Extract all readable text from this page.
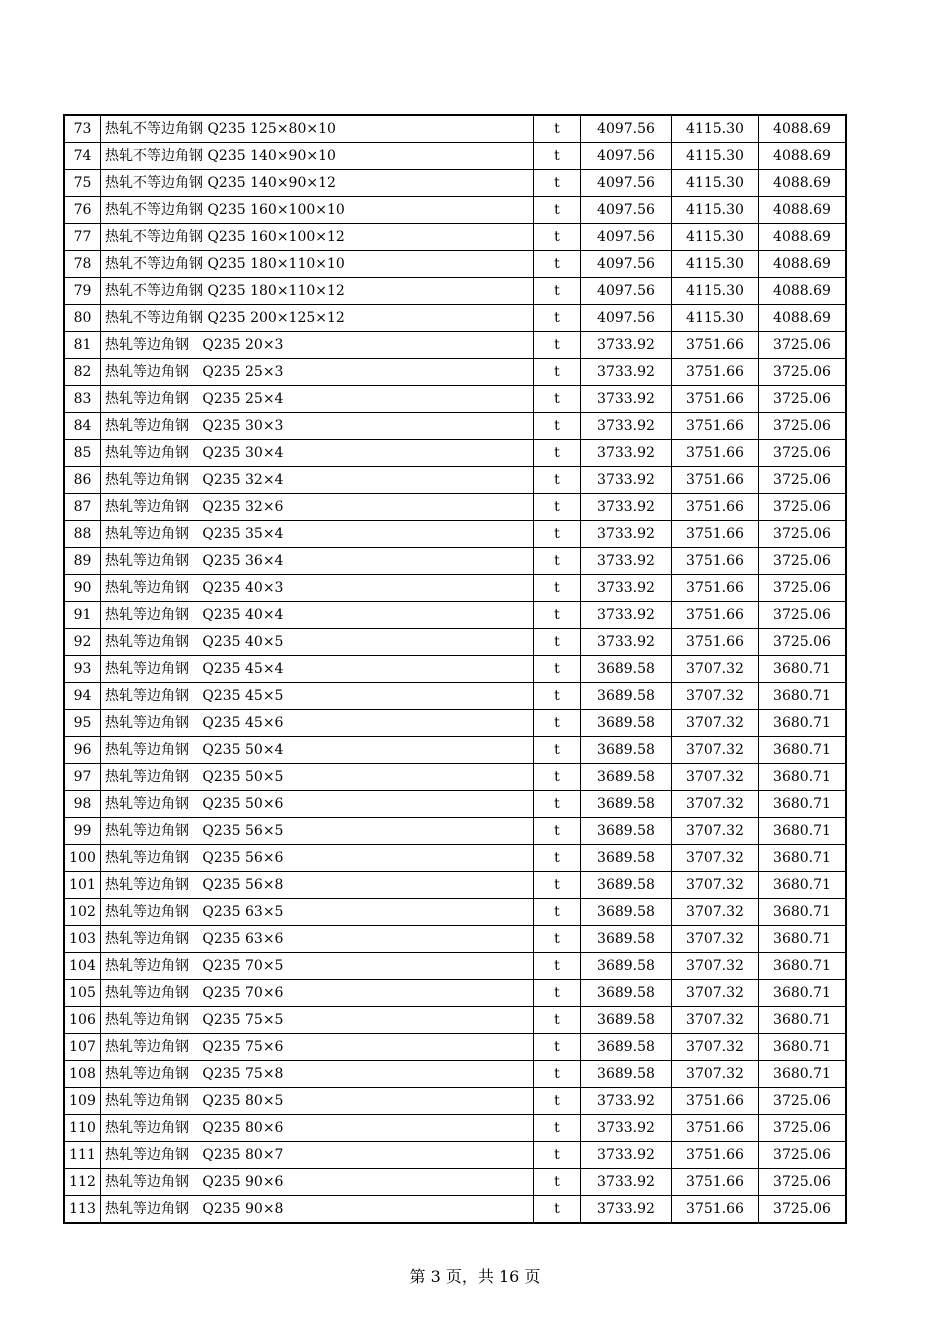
73	热轧不等边角钢 Q235 125×80×10	t	4097.56	4115.30	4088.69
74	热轧不等边角钢 Q235 140×90×10	t	4097.56	4115.30	4088.69
75	热轧不等边角钢 Q235 140×90×12	t	4097.56	4115.30	4088.69
76	热轧不等边角钢 Q235 160×100×10	t	4097.56	4115.30	4088.69
77	热轧不等边角钢 Q235 160×100×12	t	4097.56	4115.30	4088.69
78	热轧不等边角钢 Q235 180×110×10	t	4097.56	4115.30	4088.69
79	热轧不等边角钢 Q235 180×110×12	t	4097.56	4115.30	4088.69
80	热轧不等边角钢 Q235 200×125×12	t	4097.56	4115.30	4088.69
81	热轧等边角钢   Q235 20×3	t	3733.92	3751.66	3725.06
82	热轧等边角钢   Q235 25×3	t	3733.92	3751.66	3725.06
83	热轧等边角钢   Q235 25×4	t	3733.92	3751.66	3725.06
84	热轧等边角钢   Q235 30×3	t	3733.92	3751.66	3725.06
85	热轧等边角钢   Q235 30×4	t	3733.92	3751.66	3725.06
86	热轧等边角钢   Q235 32×4	t	3733.92	3751.66	3725.06
87	热轧等边角钢   Q235 32×6	t	3733.92	3751.66	3725.06
88	热轧等边角钢   Q235 35×4	t	3733.92	3751.66	3725.06
89	热轧等边角钢   Q235 36×4	t	3733.92	3751.66	3725.06
90	热轧等边角钢   Q235 40×3	t	3733.92	3751.66	3725.06
91	热轧等边角钢   Q235 40×4	t	3733.92	3751.66	3725.06
92	热轧等边角钢   Q235 40×5	t	3733.92	3751.66	3725.06
93	热轧等边角钢   Q235 45×4	t	3689.58	3707.32	3680.71
94	热轧等边角钢   Q235 45×5	t	3689.58	3707.32	3680.71
95	热轧等边角钢   Q235 45×6	t	3689.58	3707.32	3680.71
96	热轧等边角钢   Q235 50×4	t	3689.58	3707.32	3680.71
97	热轧等边角钢   Q235 50×5	t	3689.58	3707.32	3680.71
98	热轧等边角钢   Q235 50×6	t	3689.58	3707.32	3680.71
99	热轧等边角钢   Q235 56×5	t	3689.58	3707.32	3680.71
100	热轧等边角钢   Q235 56×6	t	3689.58	3707.32	3680.71
101	热轧等边角钢   Q235 56×8	t	3689.58	3707.32	3680.71
102	热轧等边角钢   Q235 63×5	t	3689.58	3707.32	3680.71
103	热轧等边角钢   Q235 63×6	t	3689.58	3707.32	3680.71
104	热轧等边角钢   Q235 70×5	t	3689.58	3707.32	3680.71
105	热轧等边角钢   Q235 70×6	t	3689.58	3707.32	3680.71
106	热轧等边角钢   Q235 75×5	t	3689.58	3707.32	3680.71
107	热轧等边角钢   Q235 75×6	t	3689.58	3707.32	3680.71
108	热轧等边角钢   Q235 75×8	t	3689.58	3707.32	3680.71
109	热轧等边角钢   Q235 80×5	t	3733.92	3751.66	3725.06
110	热轧等边角钢   Q235 80×6	t	3733.92	3751.66	3725.06
111	热轧等边角钢   Q235 80×7	t	3733.92	3751.66	3725.06
112	热轧等边角钢   Q235 90×6	t	3733.92	3751.66	3725.06
113	热轧等边角钢   Q235 90×8	t	3733.92	3751.66	3725.06
第 3 页，共 16 页
